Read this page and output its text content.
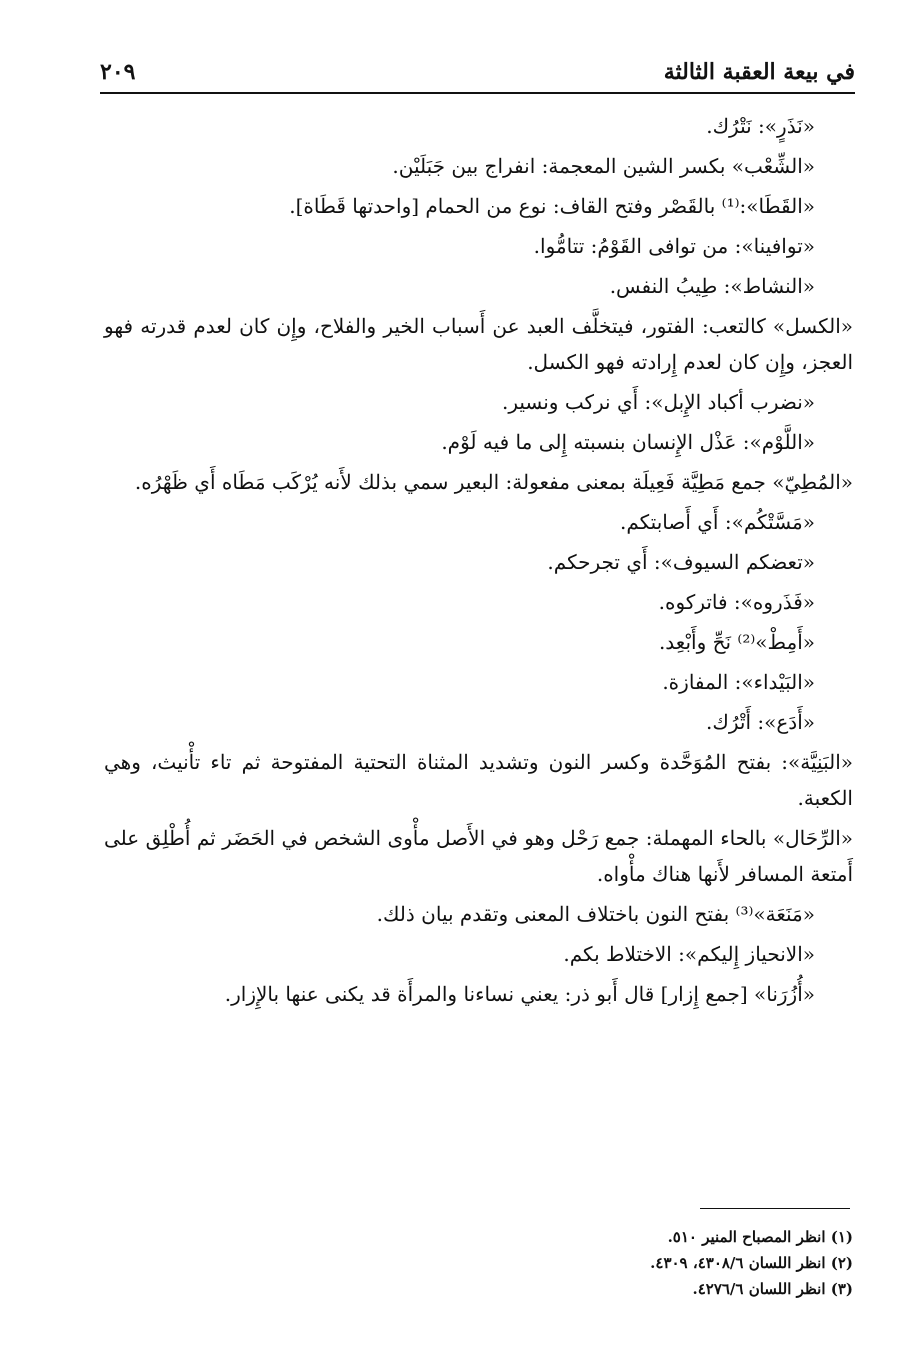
في بيعة العقبة الثالثة
٢٠٩

«نَذَرٍ»: نَتْرُك.

«الشِّعْب» بكسر الشين المعجمة: انفراج بين جَبَلَيْن.

«القَطَا»:⁽¹⁾ بالقَصْر وفتح القاف: نوع من الحمام [واحدتها قَطَاة].

«توافينا»: من توافى القَوْمُ: تتامُّوا.

«النشاط»: طِيبُ النفس.

«الكسل» كالتعب: الفتور، فيتخلَّف العبد عن أَسباب الخير والفلاح، وإِن كان لعدم قدرته فهو العجز، وإِن كان لعدم إِرادته فهو الكسل.

«نضرب أكباد الإِبل»: أَي نركب ونسير.

«اللَّوْم»: عَذْل الإِنسان بنسبته إِلى ما فيه لَوْم.

«المُطِيّ» جمع مَطِيَّة فَعِيلَة بمعنى مفعولة: البعير سمي بذلك لأَنه يُرْكَب مَطَاه أَي ظَهْرُه.

«مَسَّتْكُم»: أَي أَصابتكم.

«تعضكم السيوف»: أَي تجرحكم.

«فَذَروه»: فاتركوه.

«أَمِطْ»⁽²⁾ نَحِّ وأَبْعِد.

«البَيْداء»: المفازة.

«أَدَع»: أَتْرُك.

«البَنِيَّة»: بفتح المُوَحَّدة وكسر النون وتشديد المثناة التحتية المفتوحة ثم تاء تأْنيث، وهي الكعبة.

«الرِّحَال» بالحاء المهملة: جمع رَحْل وهو في الأَصل مأْوى الشخص في الحَضَر ثم أُطْلِق على أَمتعة المسافر لأَنها هناك مأْواه.

«مَنَعَة»⁽³⁾ بفتح النون باختلاف المعنى وتقدم بيان ذلك.

«الانحياز إِليكم»: الاختلاط بكم.

«أُزُرَنا» [جمع إِزار] قال أَبو ذر: يعني نساءنا والمرأَة قد يكنى عنها بالإِزار.

(١) انظر المصباح المنير ٥١٠.
(٢) انظر اللسان ٤٣٠٨/٦، ٤٣٠٩.
(٣) انظر اللسان ٤٢٧٦/٦.
